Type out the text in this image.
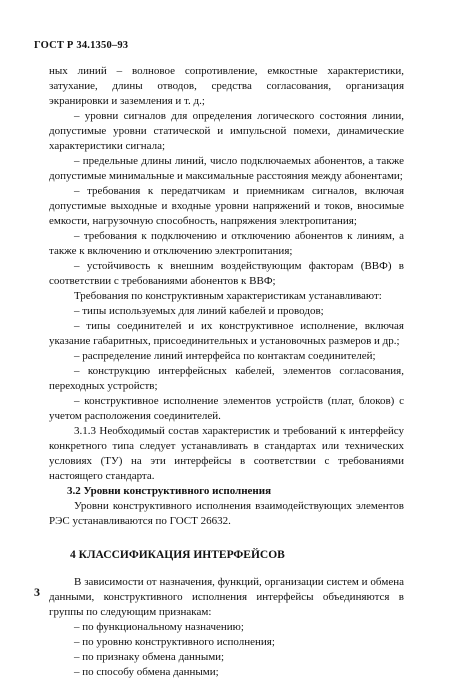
ГОСТ Р 34.1350–93

ных линий – волновое сопротивление, емкостные характеристики, затухание, длины отводов, средства согласования, организация экранировки и заземления и т. д.;

– уровни сигналов для определения логического состояния линии, допустимые уровни статической и импульсной помехи, динамические характеристики сигнала;

– предельные длины линий, число подключаемых абонентов, а также допустимые минимальные и максимальные расстояния между абонентами;

– требования к передатчикам и приемникам сигналов, включая допустимые выходные и входные уровни напряжений и токов, вносимые емкости, нагрузочную способность, напряжения электропитания;

– требования к подключению и отключению абонентов к линиям, а также к включению и отключению электропитания;

– устойчивость к внешним воздействующим факторам (ВВФ) в соответствии с требованиями абонентов к ВВФ;

Требования по конструктивным характеристикам устанавливают:

– типы используемых для линий кабелей и проводов;

– типы соединителей и их конструктивное исполнение, включая указание габаритных, присоединительных и установочных размеров и др.;

– распределение линий интерфейса по контактам соединителей;

– конструкцию интерфейсных кабелей, элементов согласования, переходных устройств;

– конструктивное исполнение элементов устройств (плат, блоков) с учетом расположения соединителей.

3.1.3 Необходимый состав характеристик и требований к интерфейсу конкретного типа следует устанавливать в стандартах или технических условиях (ТУ) на эти интерфейсы в соответствии с требованиями настоящего стандарта.

3.2 Уровни конструктивного исполнения

Уровни конструктивного исполнения взаимодействующих элементов РЭС устанавливаются по ГОСТ 26632.

4 КЛАССИФИКАЦИЯ ИНТЕРФЕЙСОВ

В зависимости от назначения, функций, организации систем и обмена данными, конструктивного исполнения интерфейсы объединяются в группы по следующим признакам:

– по функциональному назначению;

– по уровню конструктивного исполнения;

– по признаку обмена данными;

– по способу обмена данными;

3
